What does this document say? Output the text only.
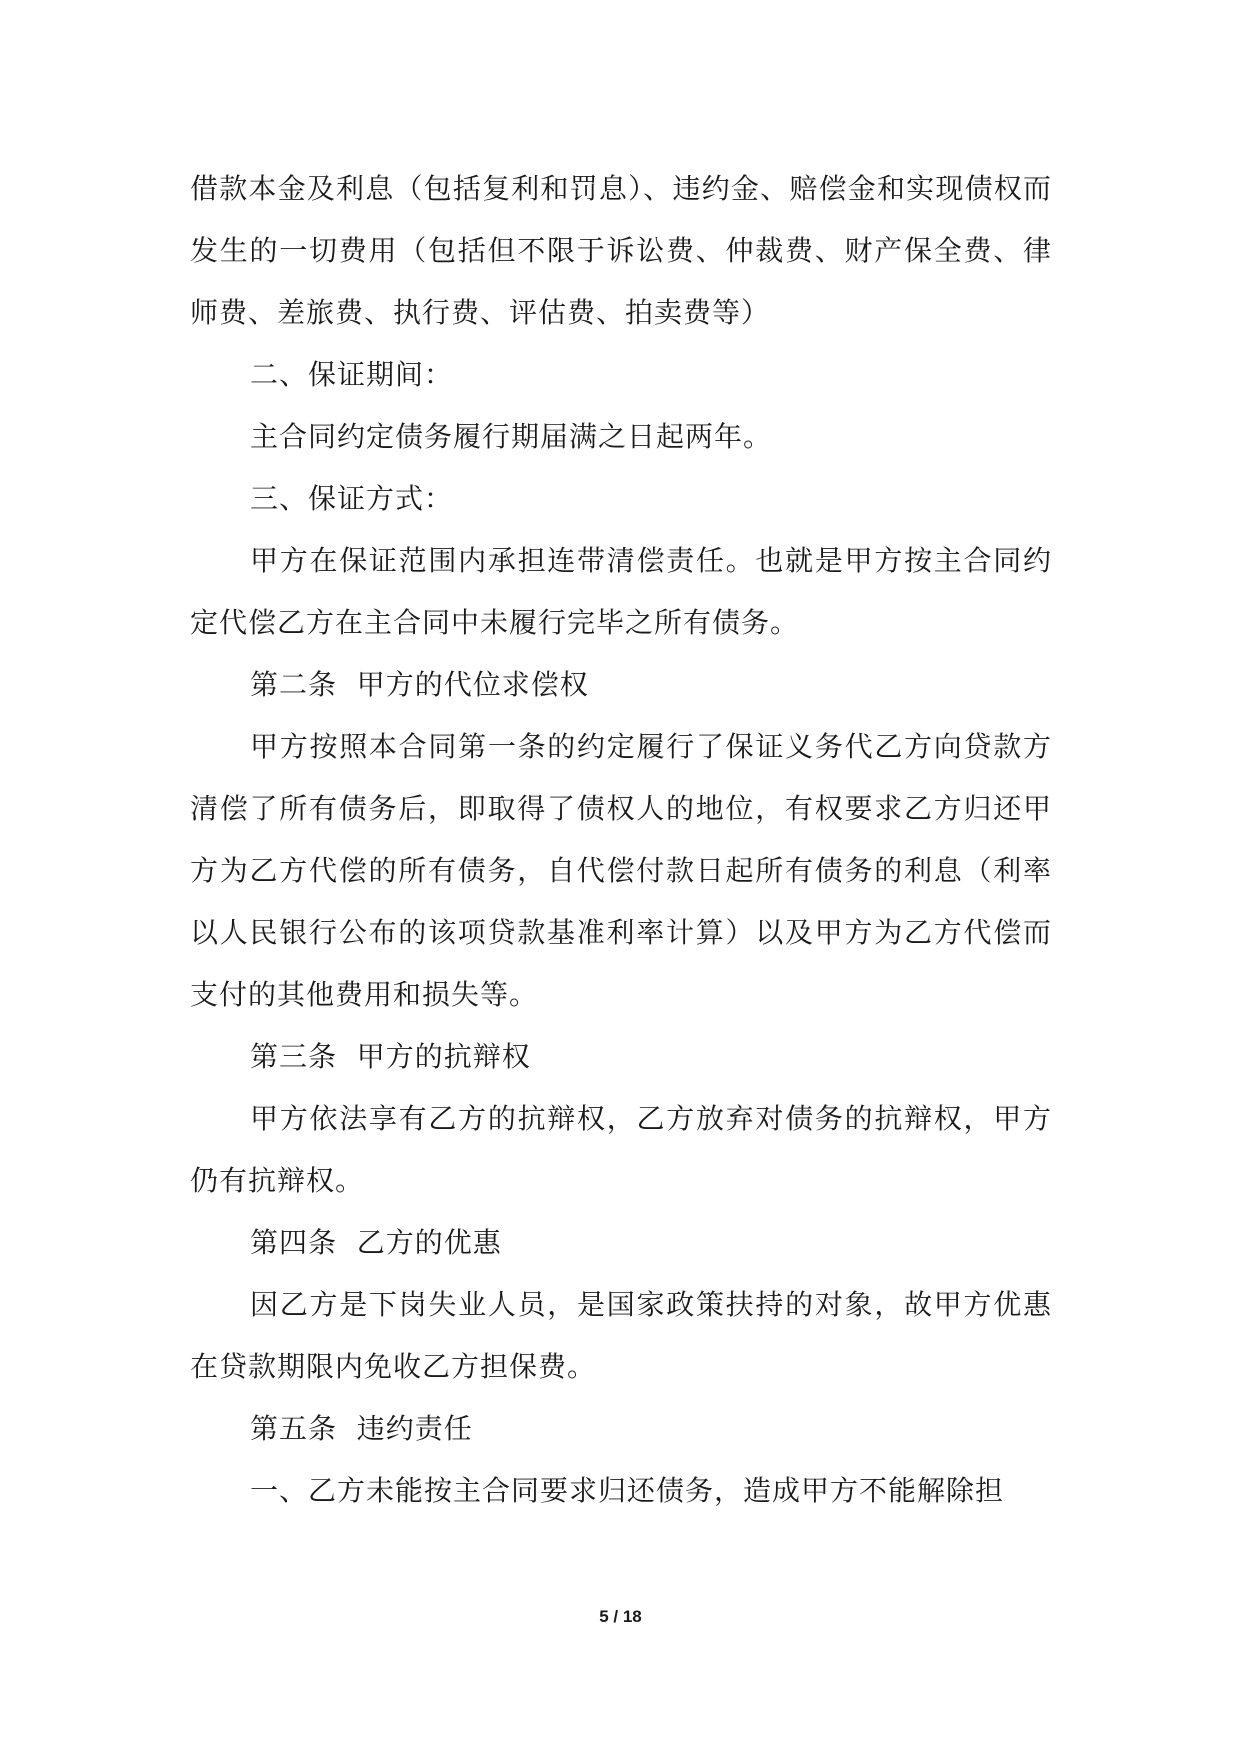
借款本金及利息（包括复利和罚息）、违约金、赔偿金和实现债权而发生的一切费用（包括但不限于诉讼费、仲裁费、财产保全费、律师费、差旅费、执行费、评估费、拍卖费等）

二、保证期间：

主合同约定债务履行期届满之日起两年。

三、保证方式：

甲方在保证范围内承担连带清偿责任。也就是甲方按主合同约定代偿乙方在主合同中未履行完毕之所有债务。

第二条  甲方的代位求偿权

甲方按照本合同第一条的约定履行了保证义务代乙方向贷款方清偿了所有债务后，即取得了债权人的地位，有权要求乙方归还甲方为乙方代偿的所有债务，自代偿付款日起所有债务的利息（利率以人民银行公布的该项贷款基准利率计算）以及甲方为乙方代偿而支付的其他费用和损失等。

第三条  甲方的抗辩权

甲方依法享有乙方的抗辩权，乙方放弃对债务的抗辩权，甲方仍有抗辩权。

第四条  乙方的优惠

因乙方是下岗失业人员，是国家政策扶持的对象，故甲方优惠在贷款期限内免收乙方担保费。

第五条  违约责任

一、乙方未能按主合同要求归还债务，造成甲方不能解除担

5 / 18
